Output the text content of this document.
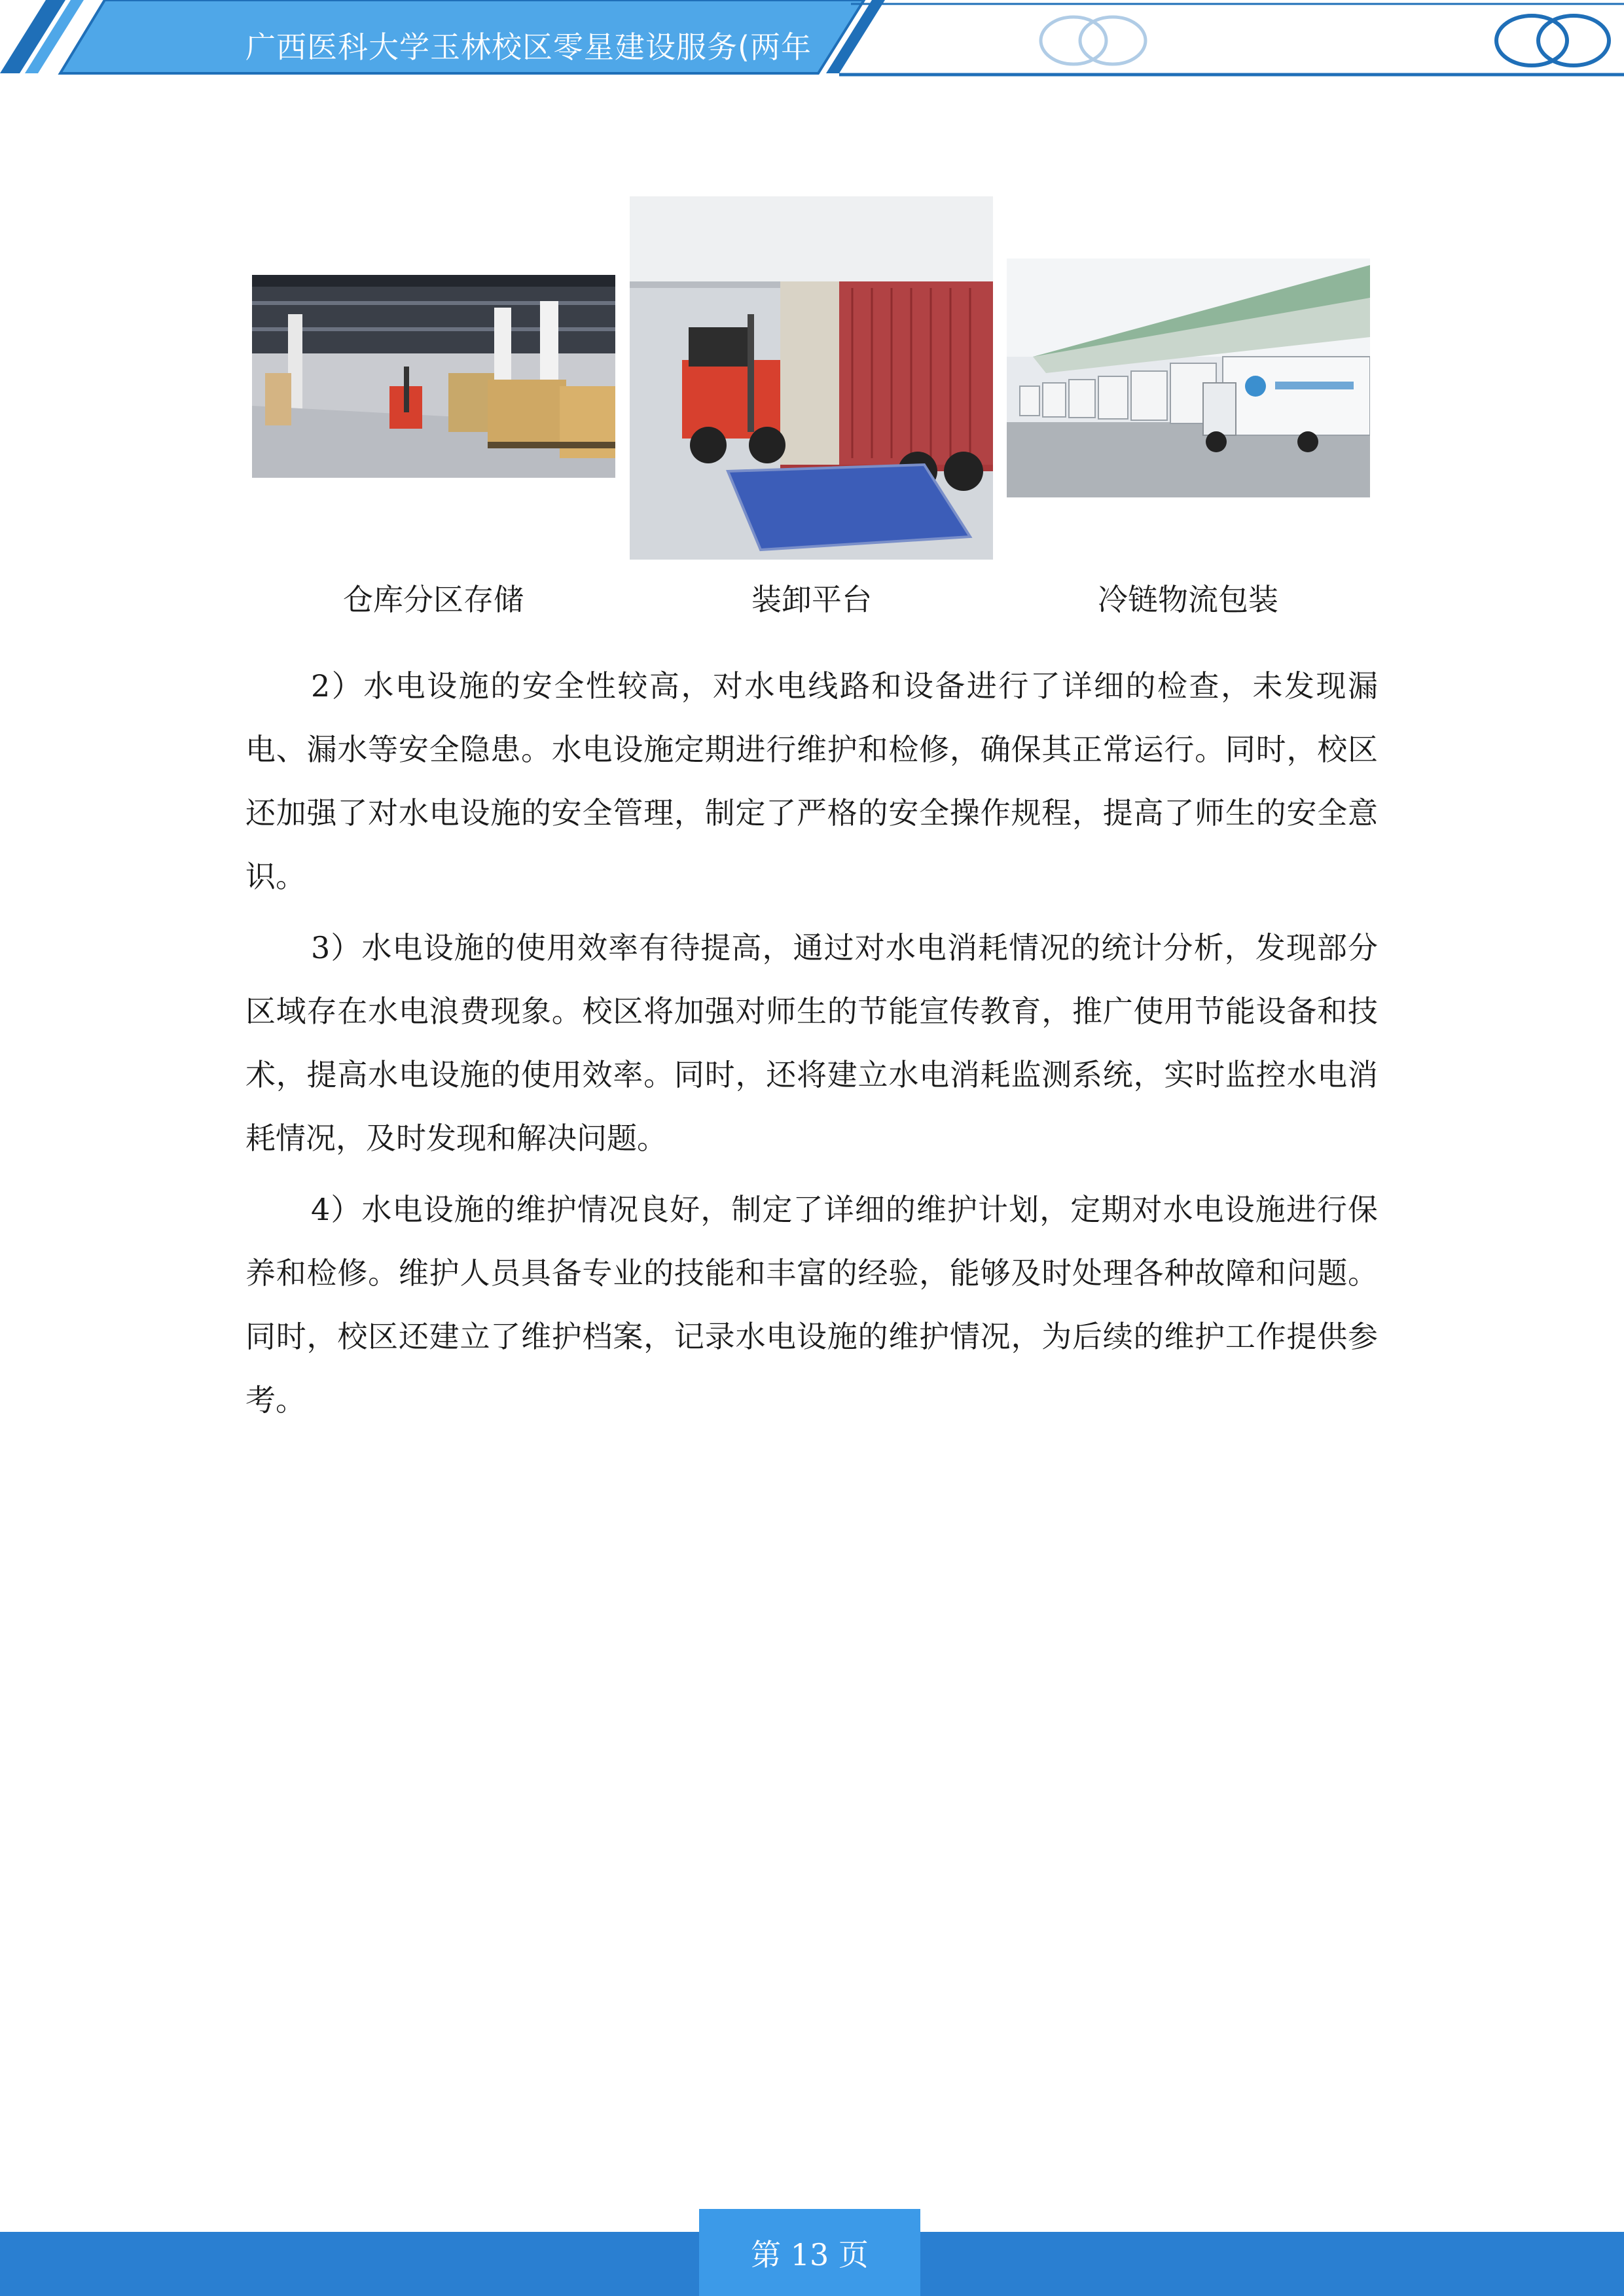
广西医科大学玉林校区零星建设服务(两年
仓库分区存储	装卸平台	冷链物流包装

2）水电设施的安全性较高，对水电线路和设备进行了详细的检查，未发现漏电、漏水等安全隐患。水电设施定期进行维护和检修，确保其正常运行。同时，校区还加强了对水电设施的安全管理，制定了严格的安全操作规程，提高了师生的安全意识。

3）水电设施的使用效率有待提高，通过对水电消耗情况的统计分析，发现部分区域存在水电浪费现象。校区将加强对师生的节能宣传教育，推广使用节能设备和技术，提高水电设施的使用效率。同时，还将建立水电消耗监测系统，实时监控水电消耗情况，及时发现和解决问题。

4）水电设施的维护情况良好，制定了详细的维护计划，定期对水电设施进行保养和检修。维护人员具备专业的技能和丰富的经验，能够及时处理各种故障和问题。同时，校区还建立了维护档案，记录水电设施的维护情况，为后续的维护工作提供参考。

第 13 页
